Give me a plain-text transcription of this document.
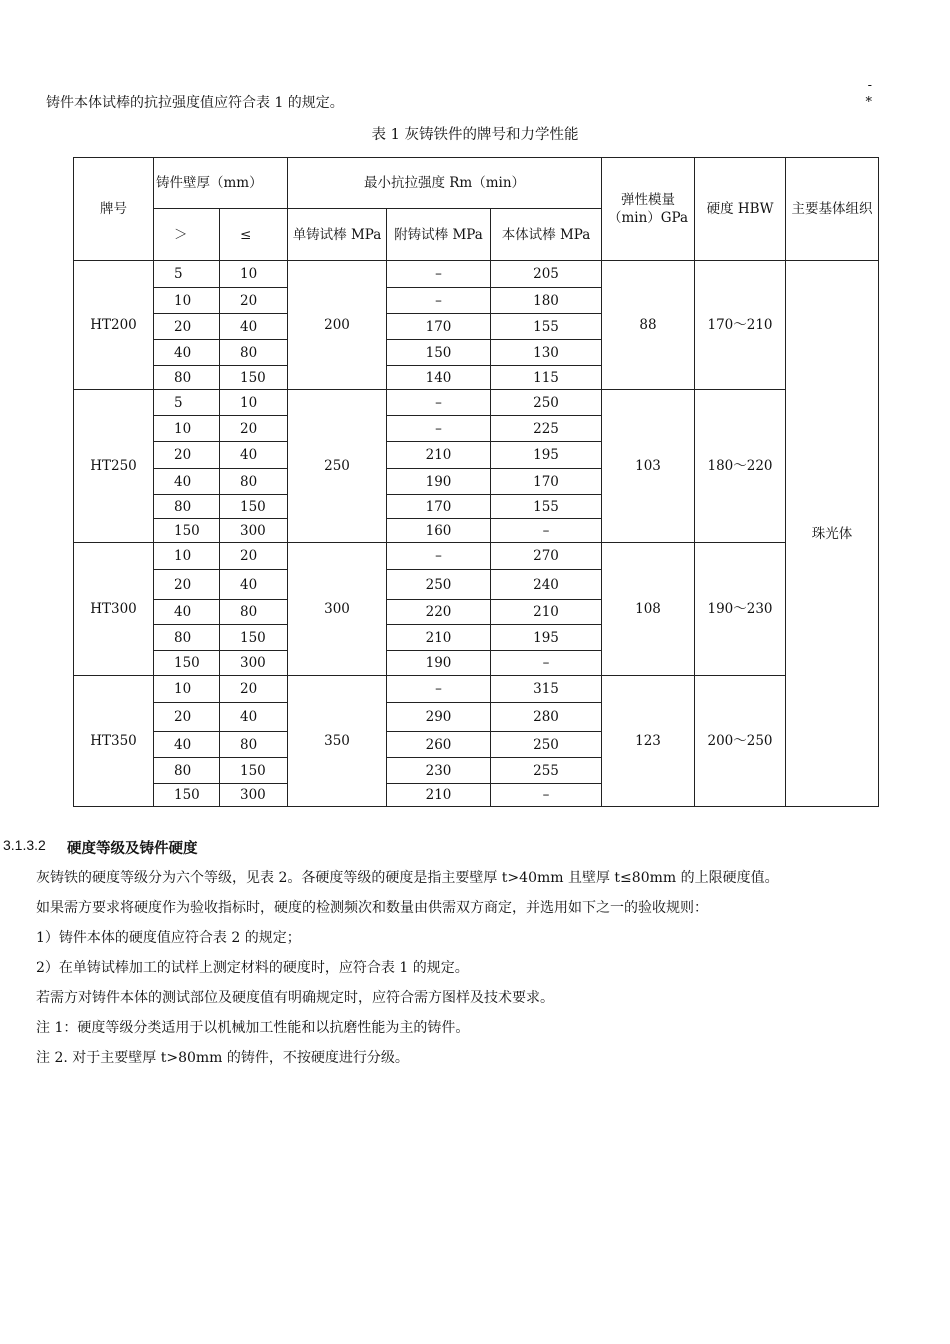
-
*
铸件本体试棒的抗拉强度值应符合表 1 的规定。
表 1 灰铸铁件的牌号和力学性能
牌号	铸件壁厚（mm）		最小抗拉强度 Rm（min）			弹性模量（min）GPa	硬度 HBW	主要基体组织
	＞	≤	单铸试棒 MPa	附铸试棒 MPa	本体试棒 MPa			
HT200	5	10	200	–	205	88	170～210	珠光体
	10	20		–	180			
	20	40		170	155			
	40	80		150	130			
	80	150		140	115			
HT250	5	10	250	–	250	103	180～220	
	10	20		–	225			
	20	40		210	195			
	40	80		190	170			
	80	150		170	155			
	150	300		160	–			
HT300	10	20	300	–	270	108	190～230	
	20	40		250	240			
	40	80		220	210			
	80	150		210	195			
	150	300		190	–			
HT350	10	20	350	–	315	123	200～250	
	20	40		290	280			
	40	80		260	250			
	80	150		230	255			
	150	300		210	–			
3.1.3.2 硬度等级及铸件硬度
灰铸铁的硬度等级分为六个等级，见表 2。各硬度等级的硬度是指主要壁厚 t>40mm 且壁厚 t≤80mm 的上限硬度值。
如果需方要求将硬度作为验收指标时，硬度的检测频次和数量由供需双方商定，并选用如下之一的验收规则：
1）铸件本体的硬度值应符合表 2 的规定；
2）在单铸试棒加工的试样上测定材料的硬度时，应符合表 1 的规定。
若需方对铸件本体的测试部位及硬度值有明确规定时，应符合需方图样及技术要求。
注 1：硬度等级分类适用于以机械加工性能和以抗磨性能为主的铸件。
注 2. 对于主要壁厚 t>80mm 的铸件，不按硬度进行分级。
